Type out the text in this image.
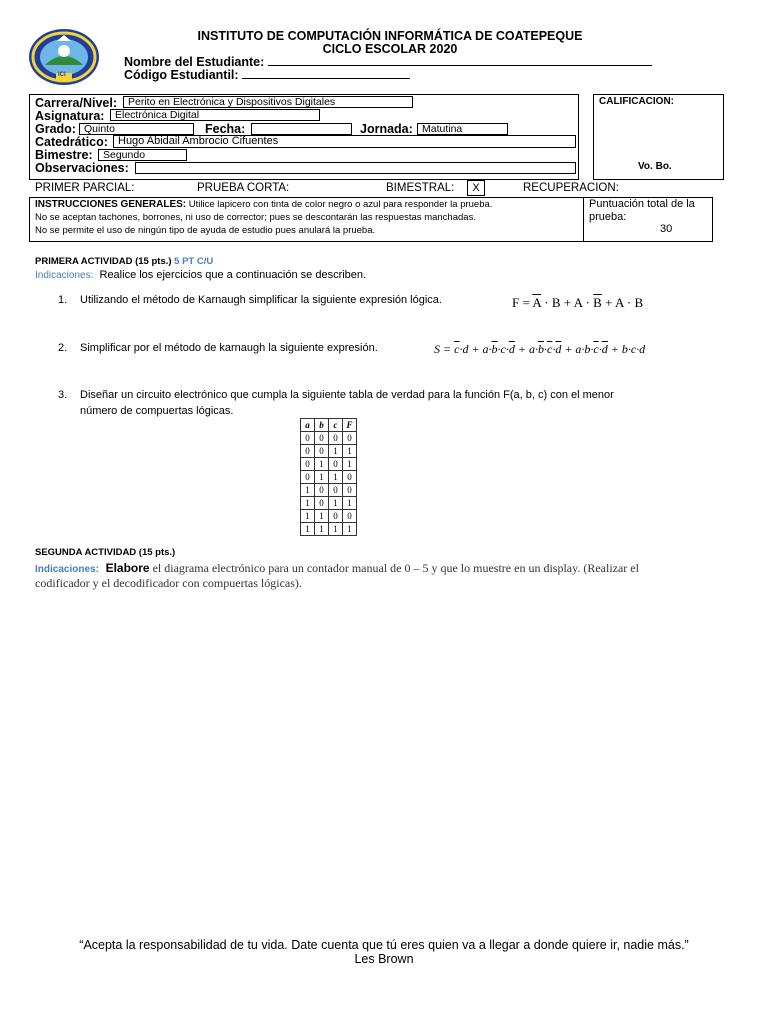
ICI
INSTITUTO DE COMPUTACIÓN INFORMÁTICA DE COATEPEQUE
CICLO ESCOLAR 2020
Nombre del Estudiante:
Código Estudiantil:
CALIFICACION:
Vo. Bo.
Carrera/Nivel:	Perito en Electrónica y Dispositivos Digitales
Asignatura:	Electrónica Digital
Grado: Quinto	Fecha:	Jornada: Matutina
Catedrático: Hugo Abidail Ambrocio Cifuentes
Bimestre: Segundo
Observaciones:
PRIMER PARCIAL:	PRUEBA CORTA:	BIMESTRAL:	X	RECUPERACION:
INSTRUCCIONES GENERALES: Utilice lapicero con tinta de color negro o azul para responder la prueba.
No se aceptan tachones, borrones, ni uso de corrector; pues se descontarán las respuestas manchadas.
No se permite el uso de ningún tipo de ayuda de estudio pues anulará la prueba.
Puntuación total de la prueba:
30
PRIMERA ACTIVIDAD (15 pts.) 5 PT C/U
Indicaciones: Realice los ejercicios que a continuación se describen.
1. Utilizando el método de Karnaugh simplificar la siguiente expresión lógica.	$F = \overline{A} \cdot B + A \cdot \overline{B} + A \cdot B$
2. Simplificar por el método de karnaugh la siguiente expresión.	$S = \overline{c}\cdot d + a\cdot\overline{b}\cdot c\cdot\overline{d} + a\cdot\overline{b}\cdot\overline{c}\cdot\overline{d} + a\cdot b\cdot\overline{c}\cdot\overline{d} + b\cdot c\cdot d$
3. Diseñar un circuito electrónico que cumpla la siguiente tabla de verdad para la función F(a, b, c) con el menor
número de compuertas lógicas.
a	b	c	F
0	0	0	0
0	0	1	1
0	1	0	1
0	1	1	0
1	0	0	0
1	0	1	1
1	1	0	0
1	1	1	1
SEGUNDA ACTIVIDAD (15 pts.)
Indicaciones: Elabore el diagrama electrónico para un contador manual de 0 – 5 y que lo muestre en un display. (Realizar el
codificador y el decodificador con compuertas lógicas).
“Acepta la responsabilidad de tu vida. Date cuenta que tú eres quien va a llegar a donde quiere ir, nadie más.”
Les Brown
